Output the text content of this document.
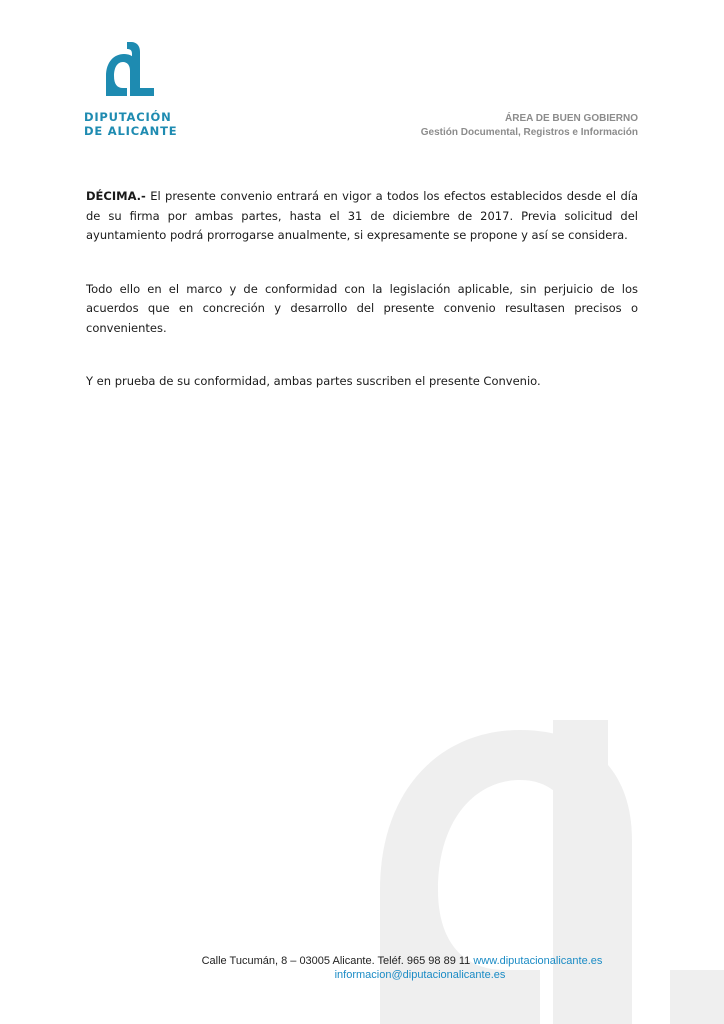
DIPUTACIÓN
DE ALICANTE
ÁREA DE BUEN GOBIERNO
Gestión Documental, Registros e Información

DÉCIMA.- El presente convenio entrará en vigor a todos los efectos establecidos desde el día de su firma por ambas partes, hasta el 31 de diciembre de 2017. Previa solicitud del ayuntamiento podrá prorrogarse anualmente, si expresamente se propone y así se considera.

Todo ello en el marco y de conformidad con la legislación aplicable, sin perjuicio de los acuerdos que en concreción y desarrollo del presente convenio resultasen precisos o convenientes.

Y en prueba de su conformidad, ambas partes suscriben el presente Convenio.

Calle Tucumán, 8 – 03005 Alicante. Teléf. 965 98 89 11 www.diputacionalicante.es
informacion@diputacionalicante.es
